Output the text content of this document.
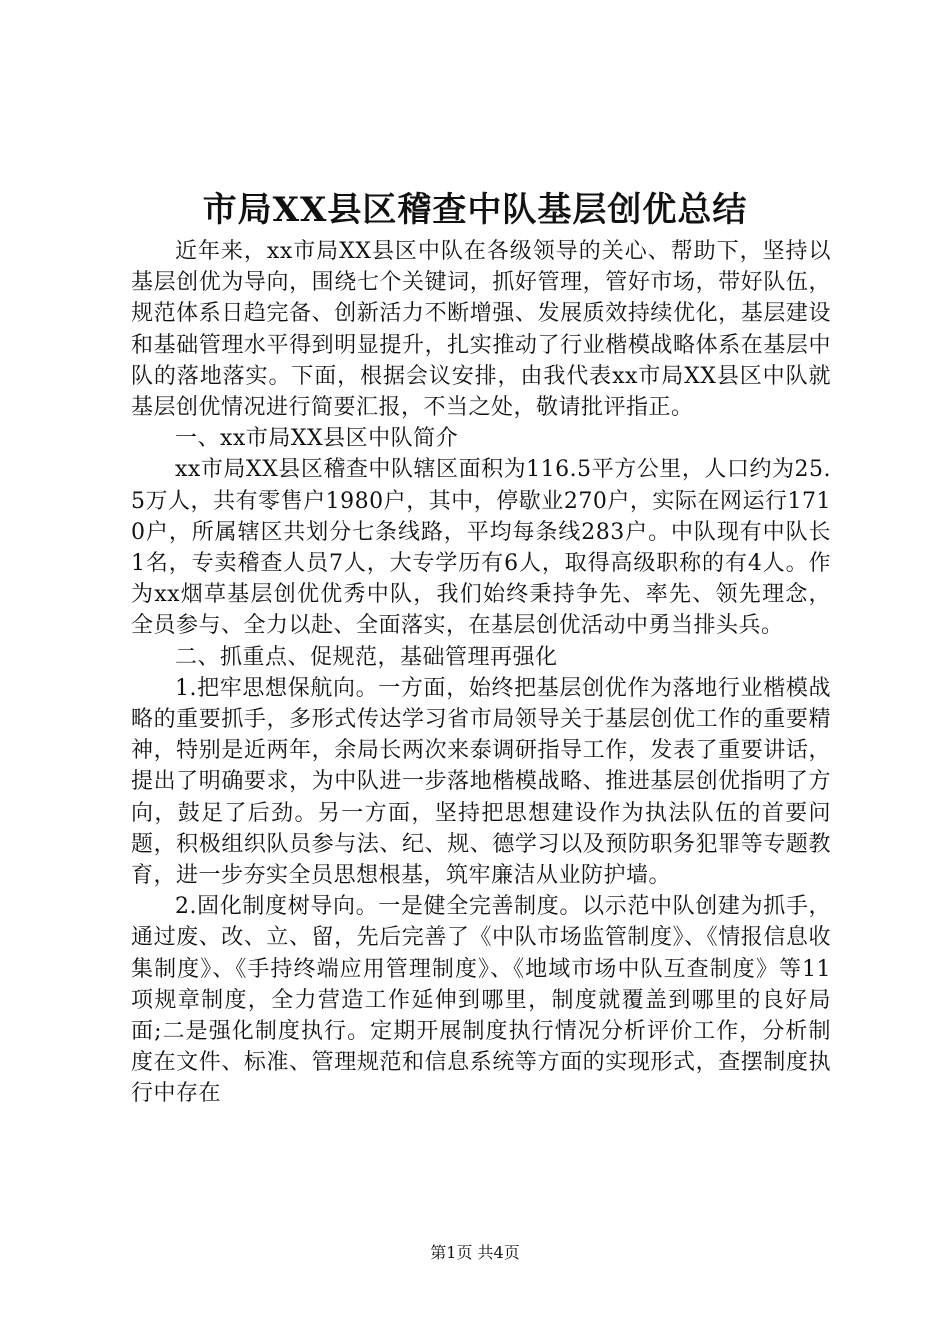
市局XX县区稽查中队基层创优总结

近年来，xx市局XX县区中队在各级领导的关心、帮助下，坚持以基层创优为导向，围绕七个关键词，抓好管理，管好市场，带好队伍，规范体系日趋完备、创新活力不断增强、发展质效持续优化，基层建设和基础管理水平得到明显提升，扎实推动了行业楷模战略体系在基层中队的落地落实。下面，根据会议安排，由我代表xx市局XX县区中队就基层创优情况进行简要汇报，不当之处，敬请批评指正。

一、xx市局XX县区中队简介

xx市局XX县区稽查中队辖区面积为116.5平方公里，人口约为25.5万人，共有零售户1980户，其中，停歇业270户，实际在网运行1710户，所属辖区共划分七条线路，平均每条线283户。中队现有中队长1名，专卖稽查人员7人，大专学历有6人，取得高级职称的有4人。作为xx烟草基层创优优秀中队，我们始终秉持争先、率先、领先理念，全员参与、全力以赴、全面落实，在基层创优活动中勇当排头兵。

二、抓重点、促规范，基础管理再强化

1.把牢思想保航向。一方面，始终把基层创优作为落地行业楷模战略的重要抓手，多形式传达学习省市局领导关于基层创优工作的重要精神，特别是近两年，余局长两次来泰调研指导工作，发表了重要讲话，提出了明确要求，为中队进一步落地楷模战略、推进基层创优指明了方向，鼓足了后劲。另一方面，坚持把思想建设作为执法队伍的首要问题，积极组织队员参与法、纪、规、德学习以及预防职务犯罪等专题教育，进一步夯实全员思想根基，筑牢廉洁从业防护墙。

2.固化制度树导向。一是健全完善制度。以示范中队创建为抓手，通过废、改、立、留，先后完善了《中队市场监管制度》、《情报信息收集制度》、《手持终端应用管理制度》、《地域市场中队互查制度》等11项规章制度，全力营造工作延伸到哪里，制度就覆盖到哪里的良好局面;二是强化制度执行。定期开展制度执行情况分析评价工作，分析制度在文件、标准、管理规范和信息系统等方面的实现形式，查摆制度执行中存在

第1页 共4页
